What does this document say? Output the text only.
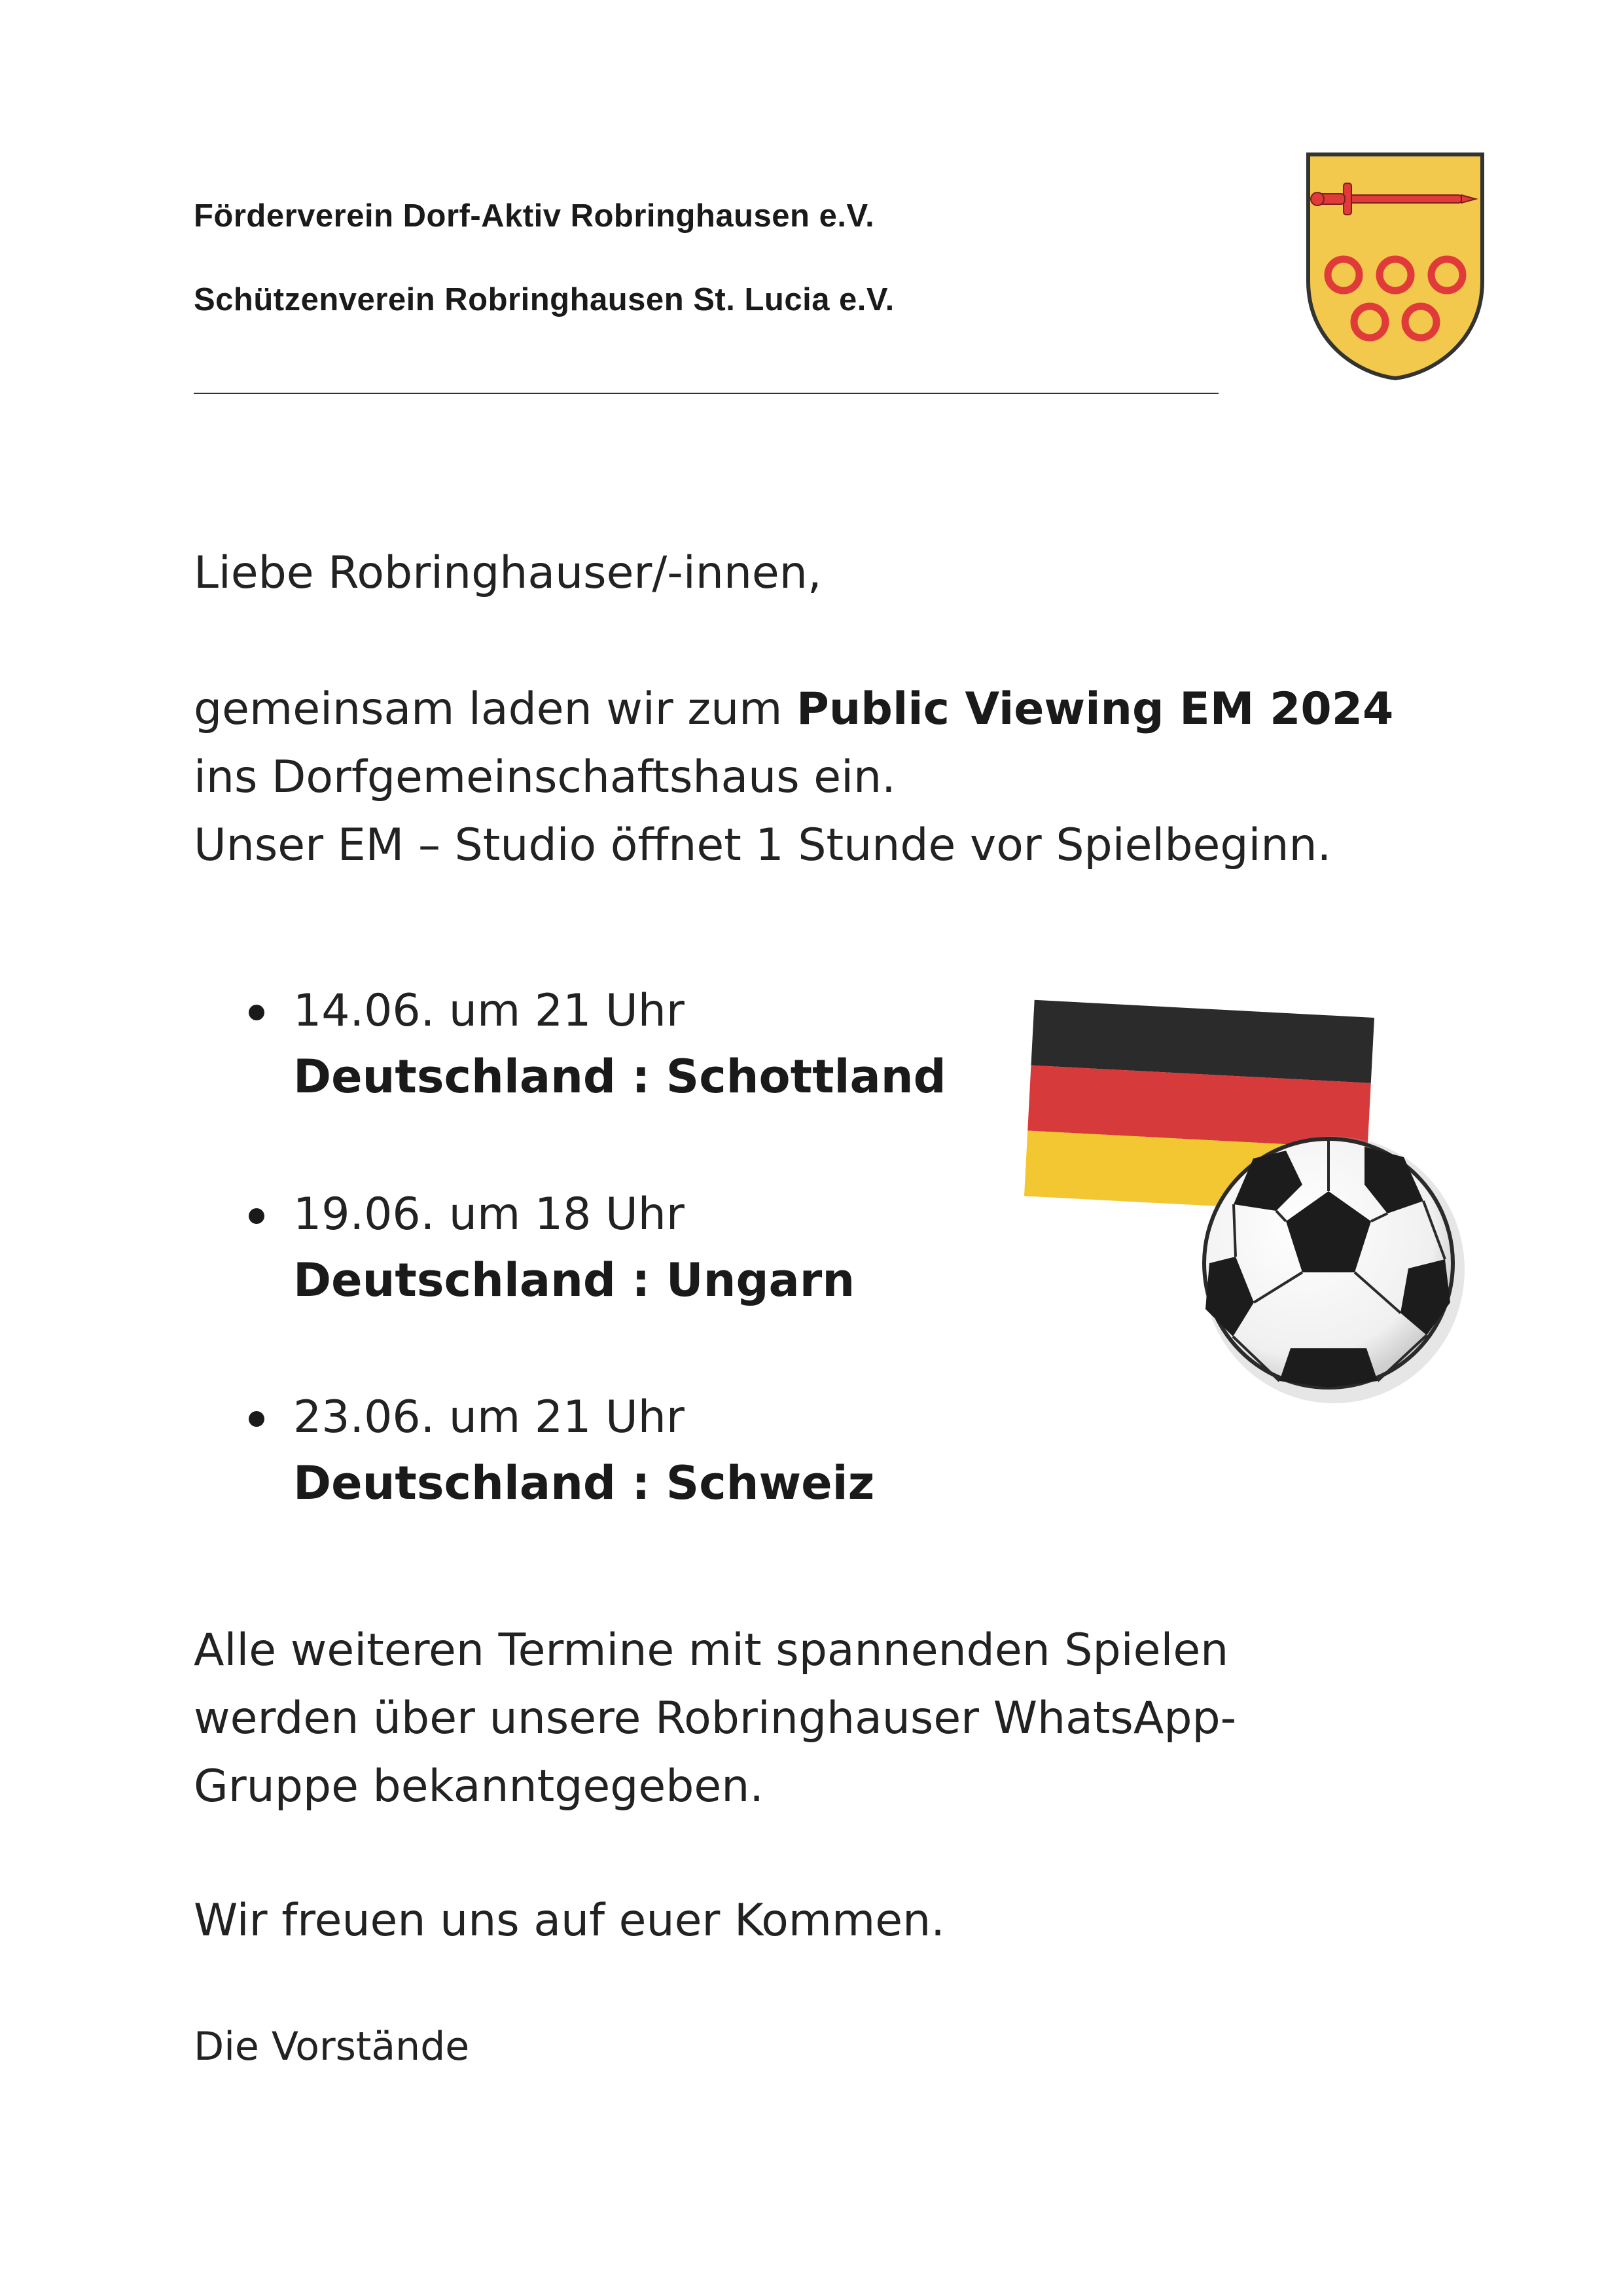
Förderverein Dorf-Aktiv Robringhausen e.V.
Schützenverein Robringhausen St. Lucia e.V.
Liebe Robringhauser/-innen,
gemeinsam laden wir zum Public Viewing EM 2024
ins Dorfgemeinschaftshaus ein.
Unser EM – Studio öffnet 1 Stunde vor Spielbeginn.
14.06. um 21 Uhr
Deutschland : Schottland
19.06. um 18 Uhr
Deutschland : Ungarn
23.06. um 21 Uhr
Deutschland : Schweiz
Alle weiteren Termine mit spannenden Spielen
werden über unsere Robringhauser WhatsApp-
Gruppe bekanntgegeben.
Wir freuen uns auf euer Kommen.
Die Vorstände
